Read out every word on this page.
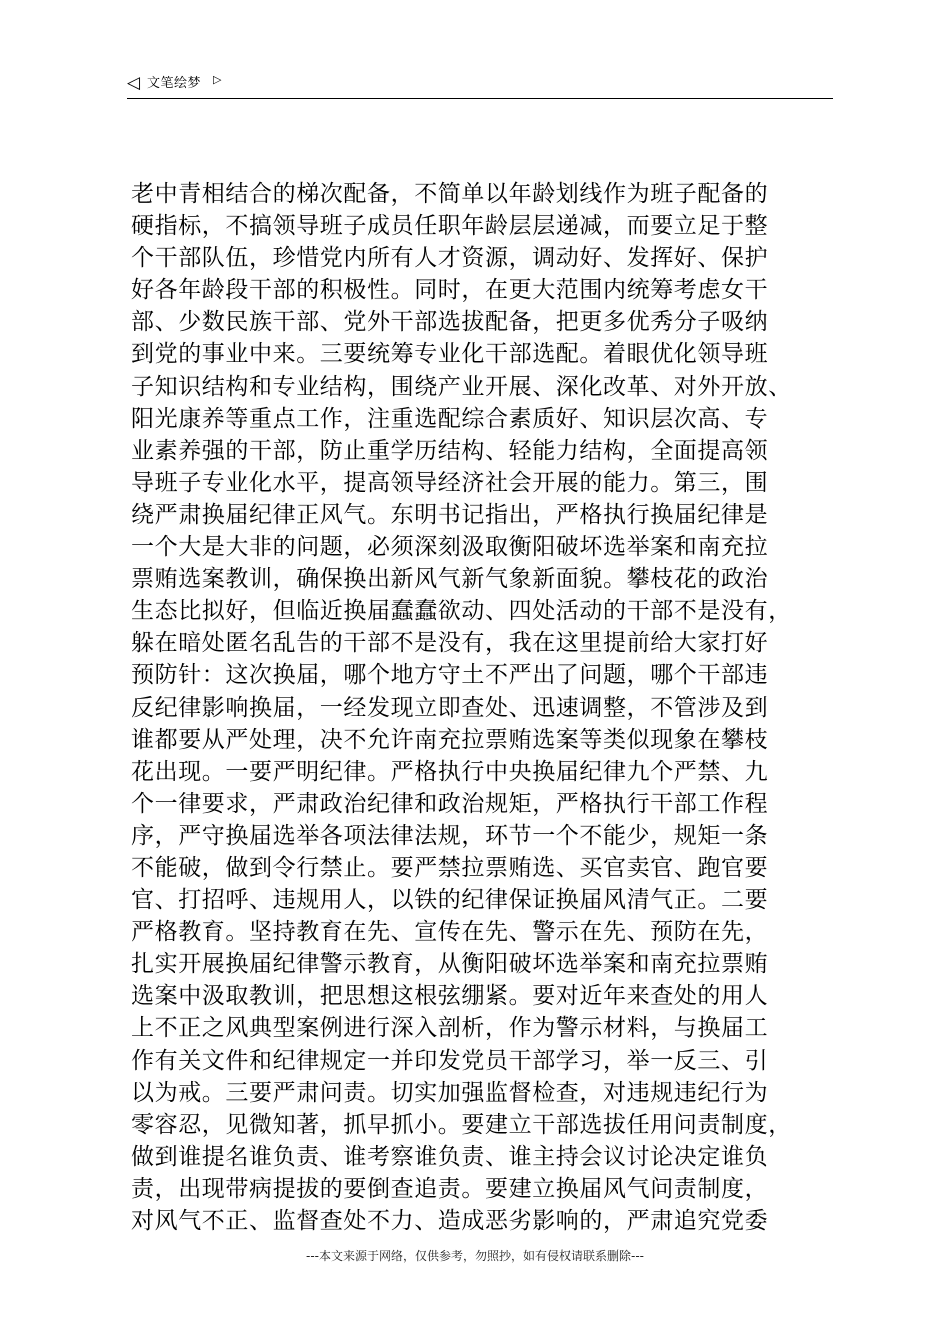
◁ 文笔绘梦 ▷
老中青相结合的梯次配备，不简单以年龄划线作为班子配备的
硬指标，不搞领导班子成员任职年龄层层递减，而要立足于整
个干部队伍，珍惜党内所有人才资源，调动好、发挥好、保护
好各年龄段干部的积极性。同时，在更大范围内统筹考虑女干
部、少数民族干部、党外干部选拔配备，把更多优秀分子吸纳
到党的事业中来。三要统筹专业化干部选配。着眼优化领导班
子知识结构和专业结构，围绕产业开展、深化改革、对外开放、
阳光康养等重点工作，注重选配综合素质好、知识层次高、专
业素养强的干部，防止重学历结构、轻能力结构，全面提高领
导班子专业化水平，提高领导经济社会开展的能力。第三，围
绕严肃换届纪律正风气。东明书记指出，严格执行换届纪律是
一个大是大非的问题，必须深刻汲取衡阳破坏选举案和南充拉
票贿选案教训，确保换出新风气新气象新面貌。攀枝花的政治
生态比拟好，但临近换届蠢蠢欲动、四处活动的干部不是没有，
躲在暗处匿名乱告的干部不是没有，我在这里提前给大家打好
预防针：这次换届，哪个地方守土不严出了问题，哪个干部违
反纪律影响换届，一经发现立即查处、迅速调整，不管涉及到
谁都要从严处理，决不允许南充拉票贿选案等类似现象在攀枝
花出现。一要严明纪律。严格执行中央换届纪律九个严禁、九
个一律要求，严肃政治纪律和政治规矩，严格执行干部工作程
序，严守换届选举各项法律法规，环节一个不能少，规矩一条
不能破，做到令行禁止。要严禁拉票贿选、买官卖官、跑官要
官、打招呼、违规用人，以铁的纪律保证换届风清气正。二要
严格教育。坚持教育在先、宣传在先、警示在先、预防在先，
扎实开展换届纪律警示教育，从衡阳破坏选举案和南充拉票贿
选案中汲取教训，把思想这根弦绷紧。要对近年来查处的用人
上不正之风典型案例进行深入剖析，作为警示材料，与换届工
作有关文件和纪律规定一并印发党员干部学习，举一反三、引
以为戒。三要严肃问责。切实加强监督检查，对违规违纪行为
零容忍，见微知著，抓早抓小。要建立干部选拔任用问责制度，
做到谁提名谁负责、谁考察谁负责、谁主持会议讨论决定谁负
责，出现带病提拔的要倒查追责。要建立换届风气问责制度，
对风气不正、监督查处不力、造成恶劣影响的，严肃追究党委
---本文来源于网络，仅供参考，勿照抄，如有侵权请联系删除---
